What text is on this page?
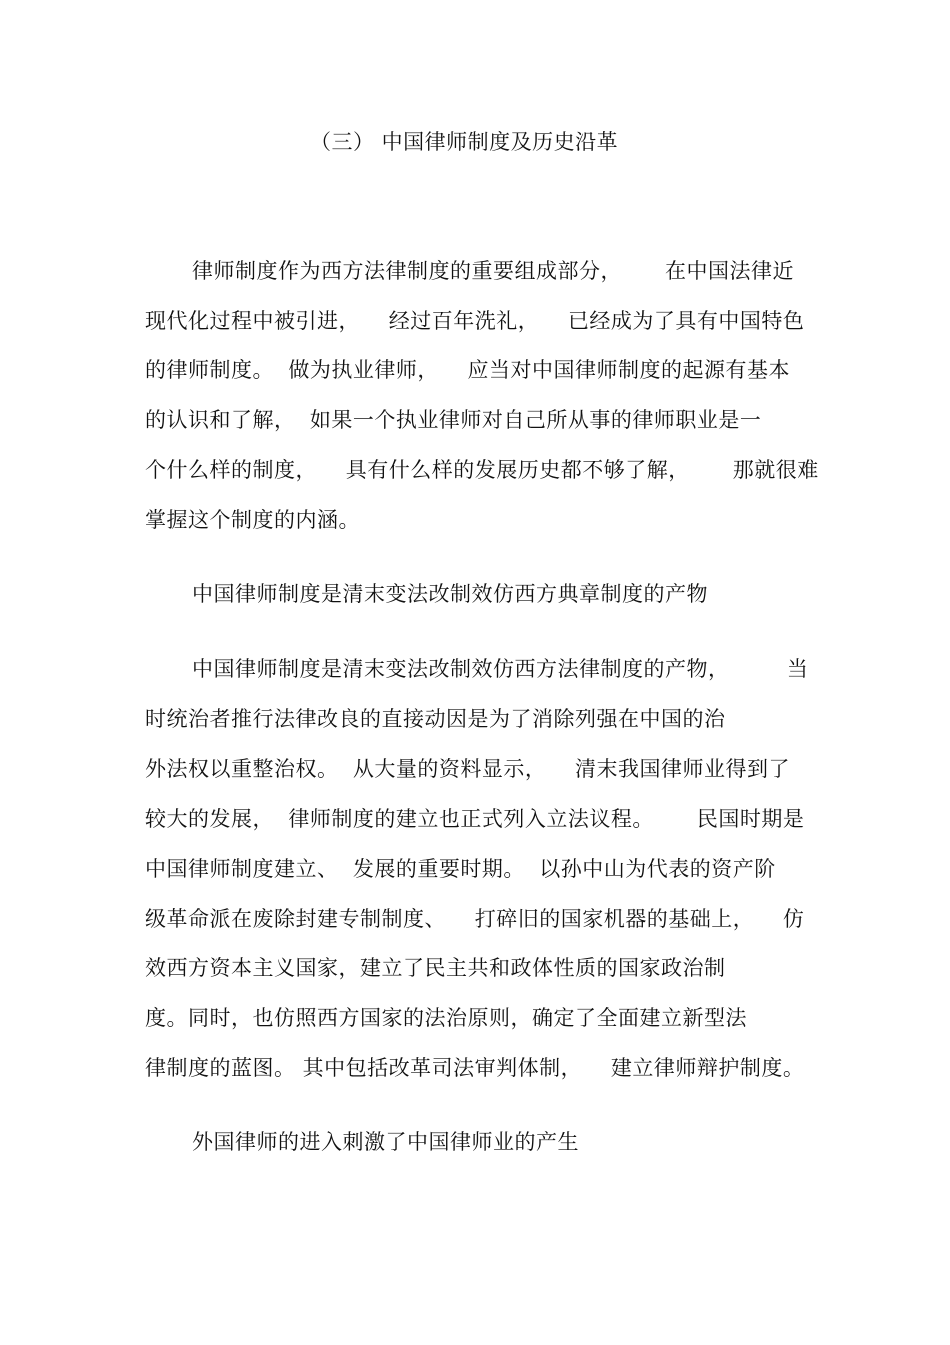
（三） 中国律师制度及历史沿革
律师制度作为西方法律制度的重要组成部分，      在中国法律近
现代化过程中被引进，    经过百年洗礼，    已经成为了具有中国特色
的律师制度。  做为执业律师，    应当对中国律师制度的起源有基本
的认识和了解，  如果一个执业律师对自己所从事的律师职业是一
个什么样的制度，    具有什么样的发展历史都不够了解，      那就很难
掌握这个制度的内涵。
中国律师制度是清末变法改制效仿西方典章制度的产物
中国律师制度是清末变法改制效仿西方法律制度的产物，        当
时统治者推行法律改良的直接动因是为了消除列强在中国的治
外法权以重整治权。  从大量的资料显示，    清末我国律师业得到了
较大的发展，  律师制度的建立也正式列入立法议程。      民国时期是
中国律师制度建立、  发展的重要时期。  以孙中山为代表的资产阶
级革命派在废除封建专制制度、    打碎旧的国家机器的基础上，    仿
效西方资本主义国家，建立了民主共和政体性质的国家政治制
度。同时，也仿照西方国家的法治原则，确定了全面建立新型法
律制度的蓝图。 其中包括改革司法审判体制，    建立律师辩护制度。
外国律师的进入刺激了中国律师业的产生
